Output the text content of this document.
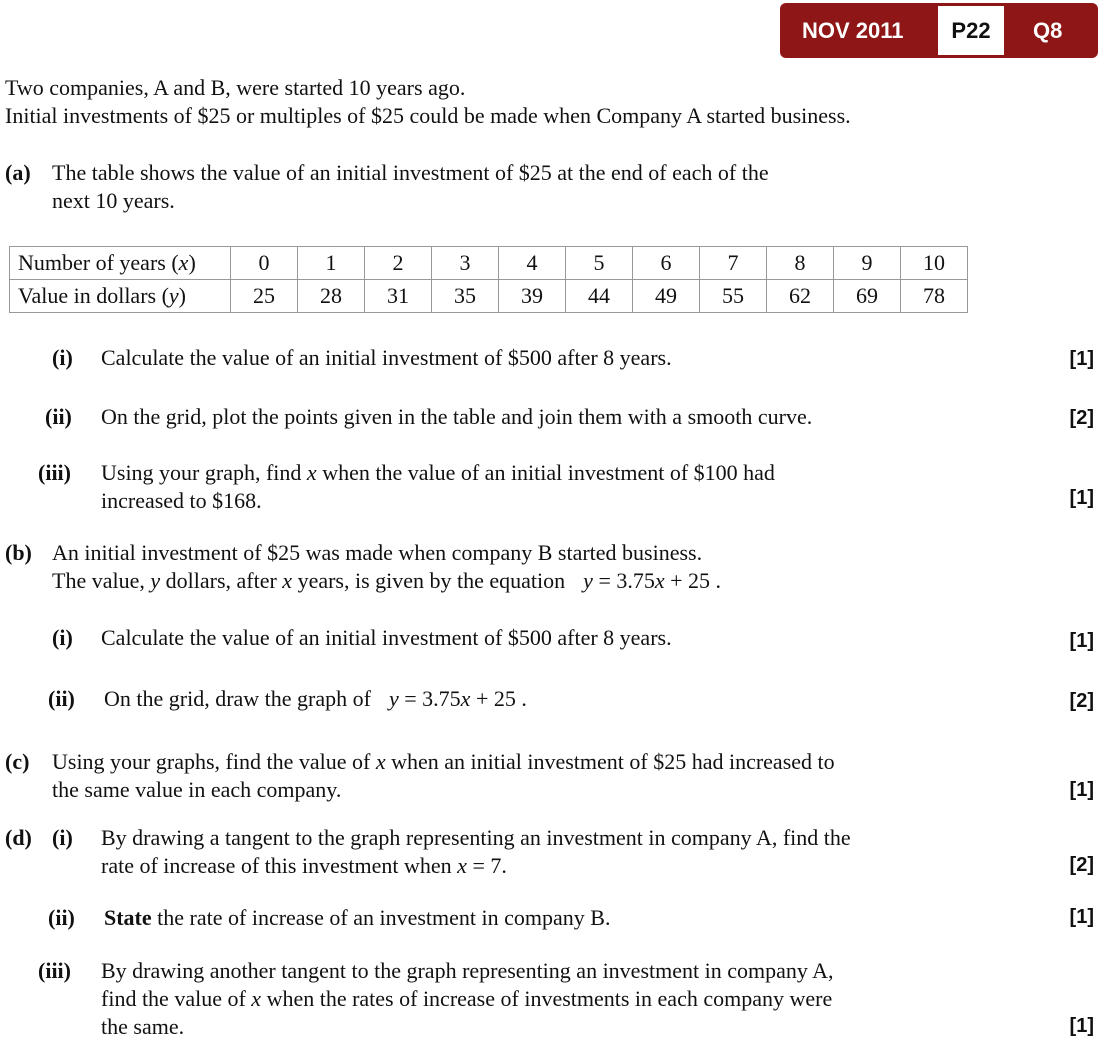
NOV 2011	P22	Q8
Two companies, A and B, were started 10 years ago.
Initial investments of $25 or multiples of $25 could be made when Company A started business.
(a) The table shows the value of an initial investment of $25 at the end of each of the
next 10 years.
Number of years (x)	0	1	2	3	4	5	6	7	8	9	10
Value in dollars (y)	25	28	31	35	39	44	49	55	62	69	78
(i) Calculate the value of an initial investment of $500 after 8 years.	[1]
(ii) On the grid, plot the points given in the table and join them with a smooth curve.	[2]
(iii) Using your graph, find x when the value of an initial investment of $100 had
increased to $168.	[1]
(b) An initial investment of $25 was made when company B started business.
The value, y dollars, after x years, is given by the equation y = 3.75x + 25 .
(i) Calculate the value of an initial investment of $500 after 8 years.	[1]
(ii) On the grid, draw the graph of y = 3.75x + 25 .	[2]
(c) Using your graphs, find the value of x when an initial investment of $25 had increased to
the same value in each company.	[1]
(d) (i) By drawing a tangent to the graph representing an investment in company A, find the
rate of increase of this investment when x = 7.	[2]
(ii) State the rate of increase of an investment in company B.	[1]
(iii) By drawing another tangent to the graph representing an investment in company A,
find the value of x when the rates of increase of investments in each company were
the same.	[1]
